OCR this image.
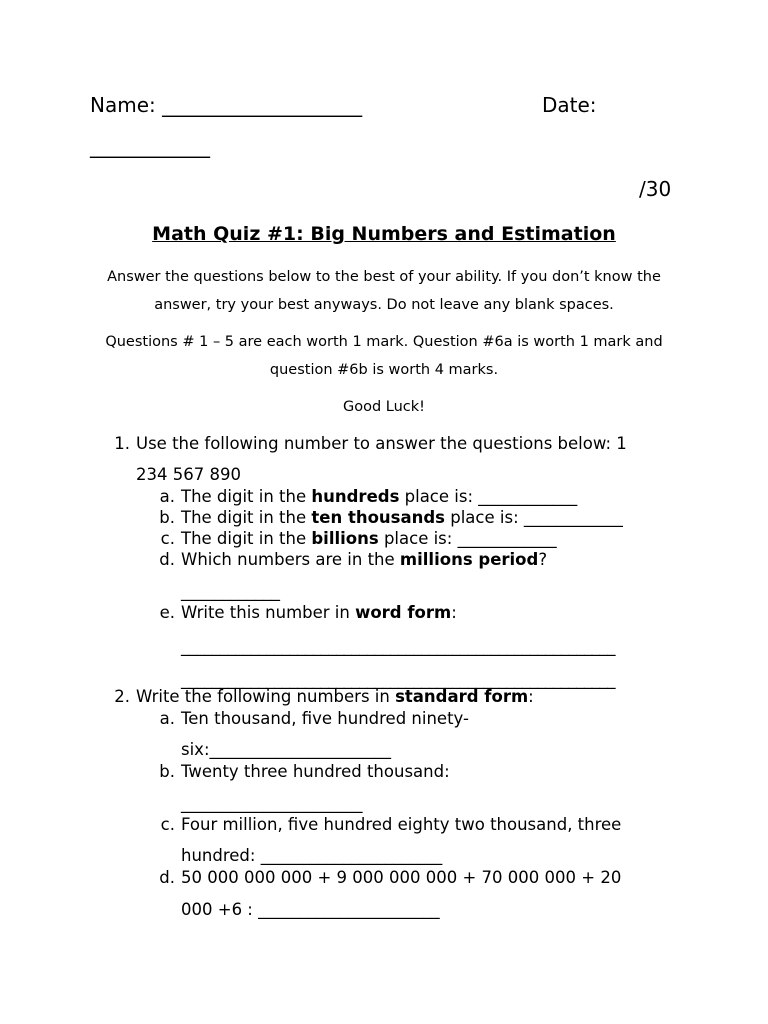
Name: ____________________	Date:
____________
/30
Math Quiz #1: Big Numbers and Estimation
Answer the questions below to the best of your ability. If you don’t know the answer, try your best anyways. Do not leave any blank spaces.
Questions # 1 – 5 are each worth 1 mark. Question #6a is worth 1 mark and question #6b is worth 4 marks.
Good Luck!
1. Use the following number to answer the questions below: 1
234 567 890
a. The digit in the hundreds place is: ____________
b. The digit in the ten thousands place is: ____________
c. The digit in the billions place is: ____________
d. Which numbers are in the millions period?
____________
e. Write this number in word form:
________________________________________________________
________________________________________________________
2. Write the following numbers in standard form:
a. Ten thousand, five hundred ninety-
six:______________________
b. Twenty three hundred thousand:
______________________
c. Four million, five hundred eighty two thousand, three
hundred: ______________________
d. 50 000 000 000 + 9 000 000 000 + 70 000 000 + 20
000 +6 : ______________________
